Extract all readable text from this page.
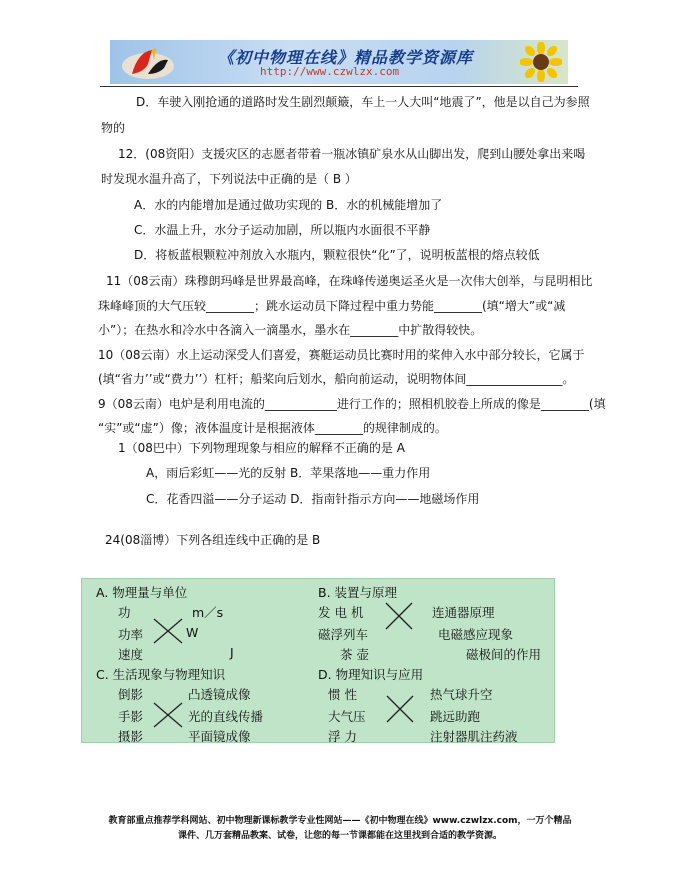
《初中物理在线》精品教学资源库
http://www.czwlzx.com
D．车驶入刚抢通的道路时发生剧烈颠簸，车上一人大叫“地震了”，他是以自己为参照
物的
12．(08资阳）支援灾区的志愿者带着一瓶冰镇矿泉水从山脚出发，爬到山腰处拿出来喝
时发现水温升高了，下列说法中正确的是（ B ）
A．水的内能增加是通过做功实现的 B．水的机械能增加了
C．水温上升，水分子运动加剧，所以瓶内水面很不平静
D．将板蓝根颗粒冲剂放入水瓶内，颗粒很快“化”了，说明板蓝根的熔点较低
11（08云南）珠穆朗玛峰是世界最高峰，在珠峰传递奥运圣火是一次伟大创举，与昆明相比
珠峰峰顶的大气压较________；跳水运动员下降过程中重力势能________(填“增大”或“减
小”）；在热水和冷水中各滴入一滴墨水，墨水在________中扩散得较快。
10（08云南）水上运动深受人们喜爱，赛艇运动员比赛时用的桨伸入水中部分较长，它属于
(填“省力’’或“费力’’）杠杆；船桨向后划水，船向前运动，说明物体间________________。
9（08云南）电炉是利用电流的____________进行工作的；照相机胶卷上所成的像是________(填
“实”或“虚”）像；液体温度计是根据液体________的规律制成的。
1（08巴中）下列物理现象与相应的解释不正确的是 A
A，雨后彩虹——光的反射 B．苹果落地——重力作用
C．花香四溢——分子运动 D．指南针指示方向——地磁场作用
24(08淄博）下列各组连线中正确的是 B
A. 物理量与单位
功
功率
速度
m／s
W
J
B. 装置与原理
发 电 机
磁浮列车
茶 壶
连通器原理
电磁感应现象
磁极间的作用
C. 生活现象与物理知识
倒影
手影
摄影
凸透镜成像
光的直线传播
平面镜成像
D. 物理知识与应用
惯 性
大气压
浮 力
热气球升空
跳远助跑
注射器肌注药液
教育部重点推荐学科网站、初中物理新课标教学专业性网站——《初中物理在线》www.czwlzx.com，一万个精品
课件、几万套精品教案、试卷，让您的每一节课都能在这里找到合适的教学资源。
